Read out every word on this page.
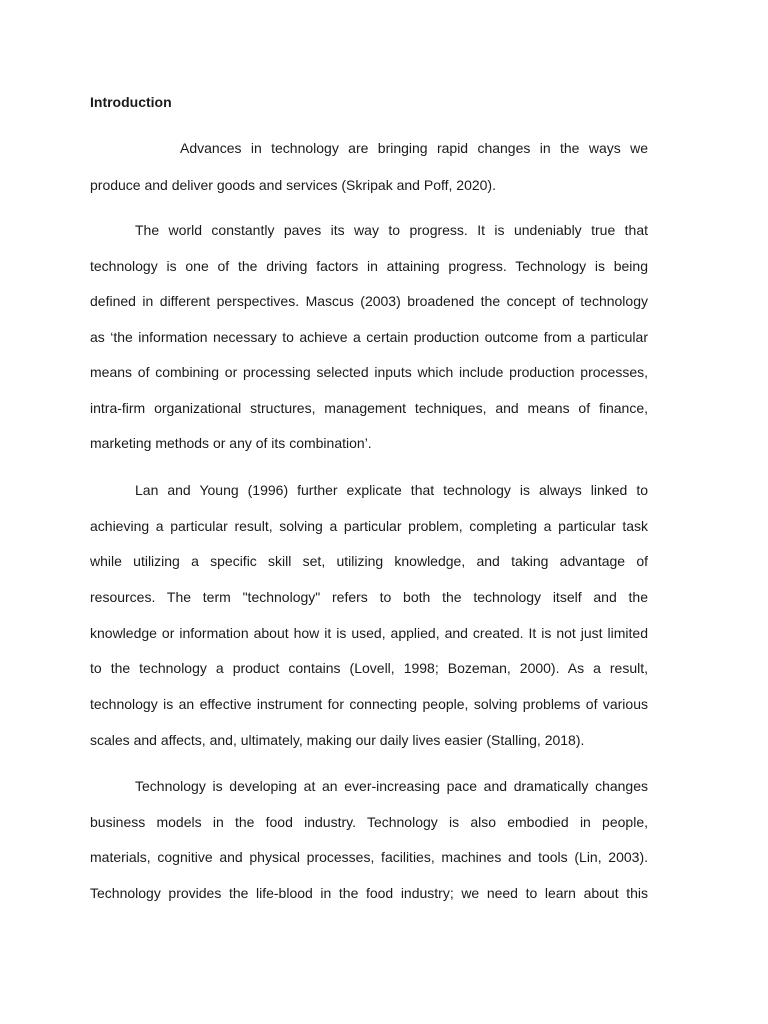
Introduction
Advances in technology are bringing rapid changes in the ways we
produce and deliver goods and services (Skripak and Poff, 2020).
The world constantly paves its way to progress. It is undeniably true that
technology is one of the driving factors in attaining progress. Technology is being
defined in different perspectives. Mascus (2003) broadened the concept of technology
as ‘the information necessary to achieve a certain production outcome from a particular
means of combining or processing selected inputs which include production processes,
intra-firm organizational structures, management techniques, and means of finance,
marketing methods or any of its combination’.
Lan and Young (1996) further explicate that technology is always linked to
achieving a particular result, solving a particular problem, completing a particular task
while utilizing a specific skill set, utilizing knowledge, and taking advantage of
resources. The term "technology" refers to both the technology itself and the
knowledge or information about how it is used, applied, and created. It is not just limited
to the technology a product contains (Lovell, 1998; Bozeman, 2000). As a result,
technology is an effective instrument for connecting people, solving problems of various
scales and affects, and, ultimately, making our daily lives easier (Stalling, 2018).
Technology is developing at an ever-increasing pace and dramatically changes
business models in the food industry. Technology is also embodied in people,
materials, cognitive and physical processes, facilities, machines and tools (Lin, 2003).
Technology provides the life-blood in the food industry; we need to learn about this
